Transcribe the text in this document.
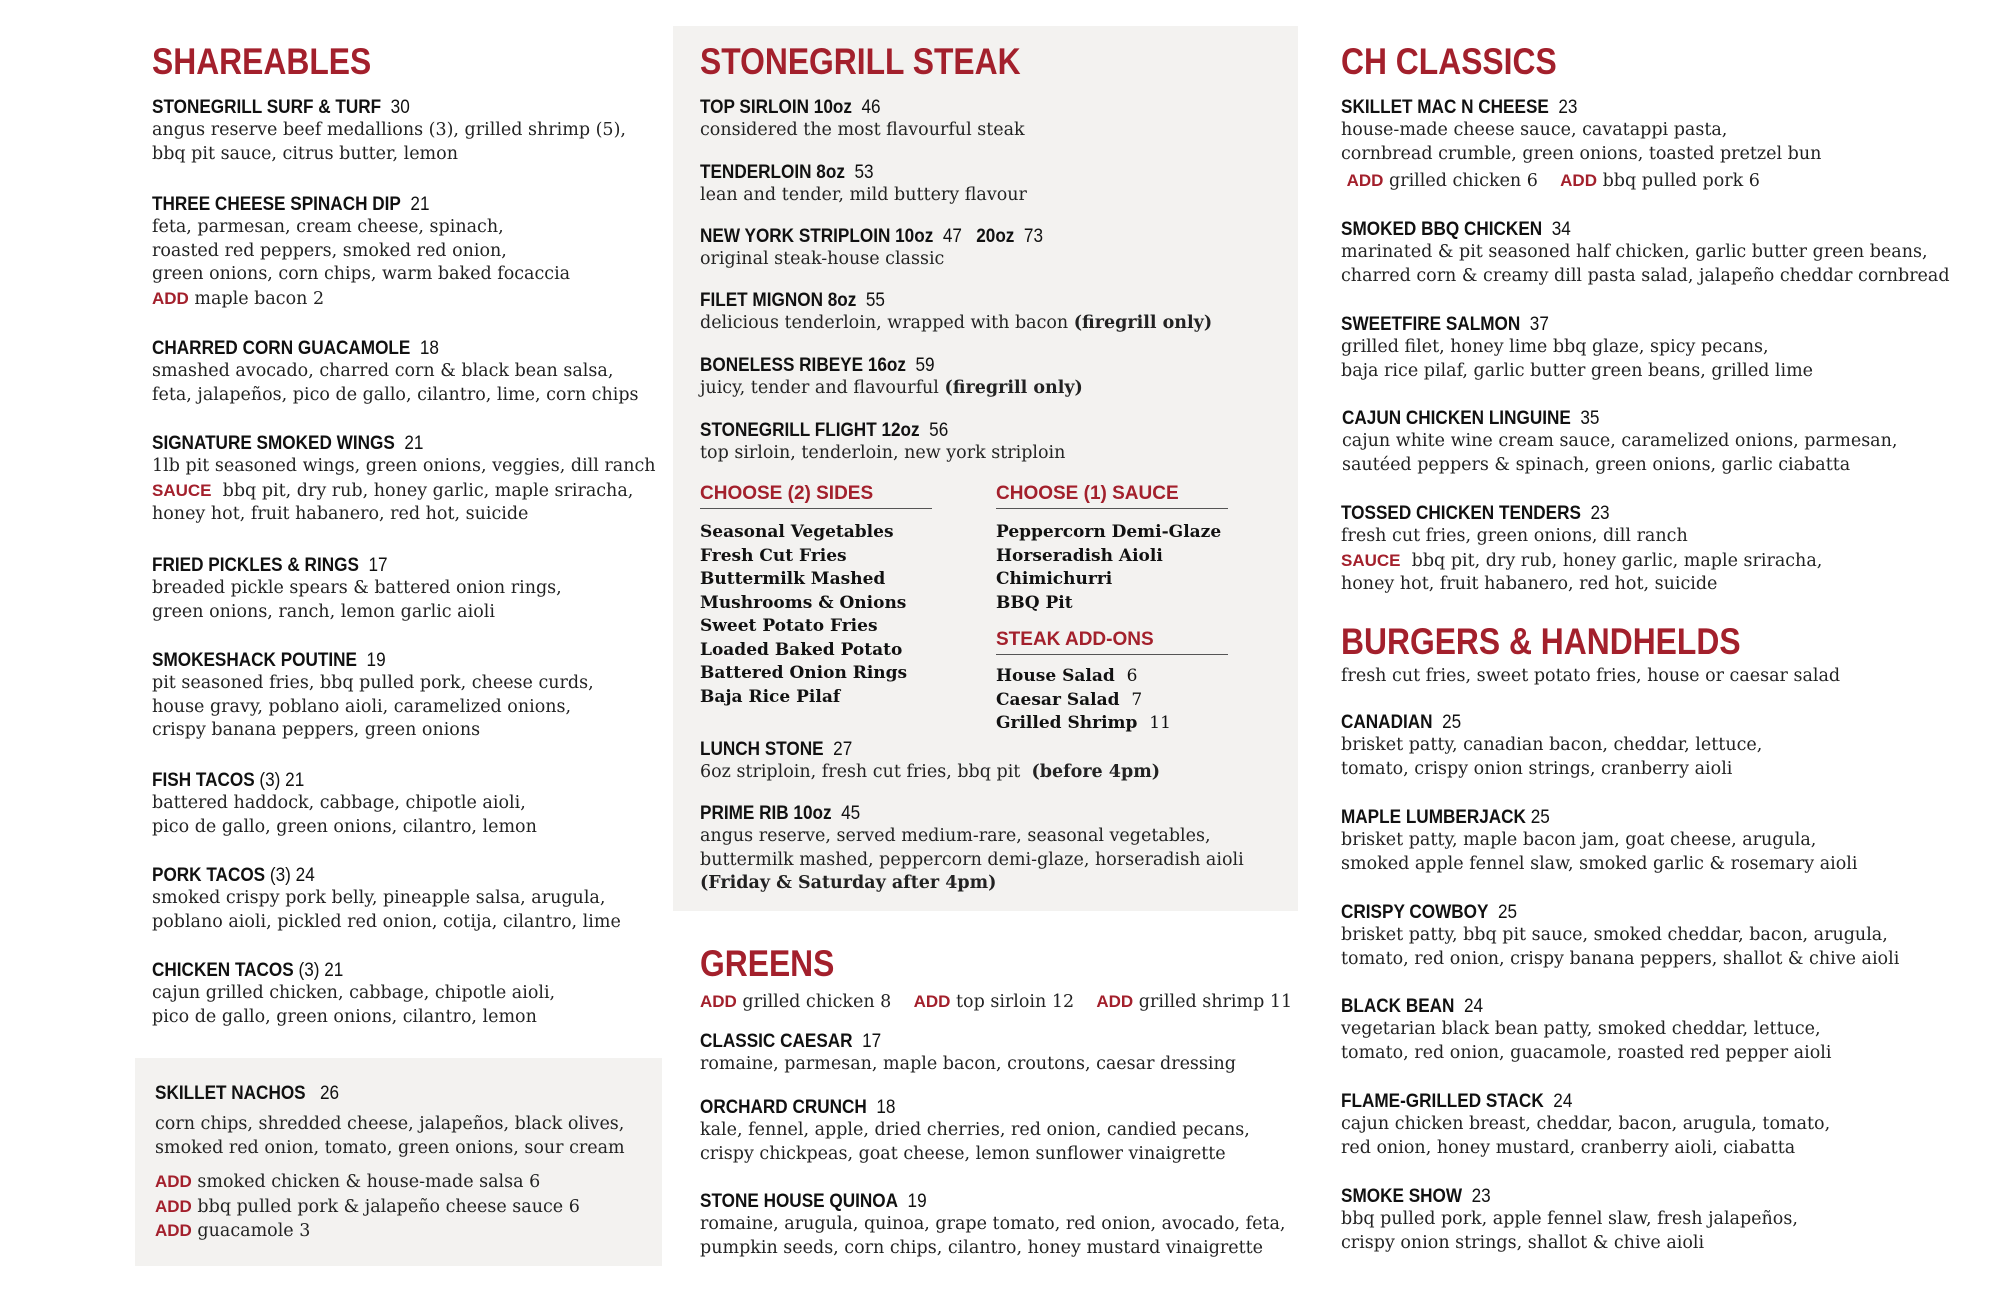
SHAREABLES
STONEGRILL SURF & TURF 30
angus reserve beef medallions (3), grilled shrimp (5),
bbq pit sauce, citrus butter, lemon
THREE CHEESE SPINACH DIP 21
feta, parmesan, cream cheese, spinach,
roasted red peppers, smoked red onion,
green onions, corn chips, warm baked focaccia
ADD maple bacon 2
CHARRED CORN GUACAMOLE 18
smashed avocado, charred corn & black bean salsa,
feta, jalapeños, pico de gallo, cilantro, lime, corn chips
SIGNATURE SMOKED WINGS 21
1lb pit seasoned wings, green onions, veggies, dill ranch
SAUCE bbq pit, dry rub, honey garlic, maple sriracha,
honey hot, fruit habanero, red hot, suicide
FRIED PICKLES & RINGS 17
breaded pickle spears & battered onion rings,
green onions, ranch, lemon garlic aioli
SMOKESHACK POUTINE 19
pit seasoned fries, bbq pulled pork, cheese curds,
house gravy, poblano aioli, caramelized onions,
crispy banana peppers, green onions
FISH TACOS (3) 21
battered haddock, cabbage, chipotle aioli,
pico de gallo, green onions, cilantro, lemon
PORK TACOS (3) 24
smoked crispy pork belly, pineapple salsa, arugula,
poblano aioli, pickled red onion, cotija, cilantro, lime
CHICKEN TACOS (3) 21
cajun grilled chicken, cabbage, chipotle aioli,
pico de gallo, green onions, cilantro, lemon
SKILLET NACHOS 26
corn chips, shredded cheese, jalapeños, black olives,
smoked red onion, tomato, green onions, sour cream
ADD smoked chicken & house-made salsa 6
ADD bbq pulled pork & jalapeño cheese sauce 6
ADD guacamole 3
STONEGRILL STEAK
TOP SIRLOIN 10oz 46
considered the most flavourful steak
TENDERLOIN 8oz 53
lean and tender, mild buttery flavour
NEW YORK STRIPLOIN 10oz 47 20oz 73
original steak-house classic
FILET MIGNON 8oz 55
delicious tenderloin, wrapped with bacon (firegrill only)
BONELESS RIBEYE 16oz 59
juicy, tender and flavourful (firegrill only)
STONEGRILL FLIGHT 12oz 56
top sirloin, tenderloin, new york striploin
CHOOSE (2) SIDES
Seasonal Vegetables
Fresh Cut Fries
Buttermilk Mashed
Mushrooms & Onions
Sweet Potato Fries
Loaded Baked Potato
Battered Onion Rings
Baja Rice Pilaf
CHOOSE (1) SAUCE
Peppercorn Demi-Glaze
Horseradish Aioli
Chimichurri
BBQ Pit
STEAK ADD-ONS
House Salad 6
Caesar Salad 7
Grilled Shrimp 11
LUNCH STONE 27
6oz striploin, fresh cut fries, bbq pit (before 4pm)
PRIME RIB 10oz 45
angus reserve, served medium-rare, seasonal vegetables,
buttermilk mashed, peppercorn demi-glaze, horseradish aioli
(Friday & Saturday after 4pm)
GREENS
ADD grilled chicken 8 ADD top sirloin 12 ADD grilled shrimp 11
CLASSIC CAESAR 17
romaine, parmesan, maple bacon, croutons, caesar dressing
ORCHARD CRUNCH 18
kale, fennel, apple, dried cherries, red onion, candied pecans,
crispy chickpeas, goat cheese, lemon sunflower vinaigrette
STONE HOUSE QUINOA 19
romaine, arugula, quinoa, grape tomato, red onion, avocado, feta,
pumpkin seeds, corn chips, cilantro, honey mustard vinaigrette
CH CLASSICS
SKILLET MAC N CHEESE 23
house-made cheese sauce, cavatappi pasta,
cornbread crumble, green onions, toasted pretzel bun
ADD grilled chicken 6 ADD bbq pulled pork 6
SMOKED BBQ CHICKEN 34
marinated & pit seasoned half chicken, garlic butter green beans,
charred corn & creamy dill pasta salad, jalapeño cheddar cornbread
SWEETFIRE SALMON 37
grilled filet, honey lime bbq glaze, spicy pecans,
baja rice pilaf, garlic butter green beans, grilled lime
CAJUN CHICKEN LINGUINE 35
cajun white wine cream sauce, caramelized onions, parmesan,
sautéed peppers & spinach, green onions, garlic ciabatta
TOSSED CHICKEN TENDERS 23
fresh cut fries, green onions, dill ranch
SAUCE bbq pit, dry rub, honey garlic, maple sriracha,
honey hot, fruit habanero, red hot, suicide
BURGERS & HANDHELDS
fresh cut fries, sweet potato fries, house or caesar salad
CANADIAN 25
brisket patty, canadian bacon, cheddar, lettuce,
tomato, crispy onion strings, cranberry aioli
MAPLE LUMBERJACK 25
brisket patty, maple bacon jam, goat cheese, arugula,
smoked apple fennel slaw, smoked garlic & rosemary aioli
CRISPY COWBOY 25
brisket patty, bbq pit sauce, smoked cheddar, bacon, arugula,
tomato, red onion, crispy banana peppers, shallot & chive aioli
BLACK BEAN 24
vegetarian black bean patty, smoked cheddar, lettuce,
tomato, red onion, guacamole, roasted red pepper aioli
FLAME-GRILLED STACK 24
cajun chicken breast, cheddar, bacon, arugula, tomato,
red onion, honey mustard, cranberry aioli, ciabatta
SMOKE SHOW 23
bbq pulled pork, apple fennel slaw, fresh jalapeños,
crispy onion strings, shallot & chive aioli
